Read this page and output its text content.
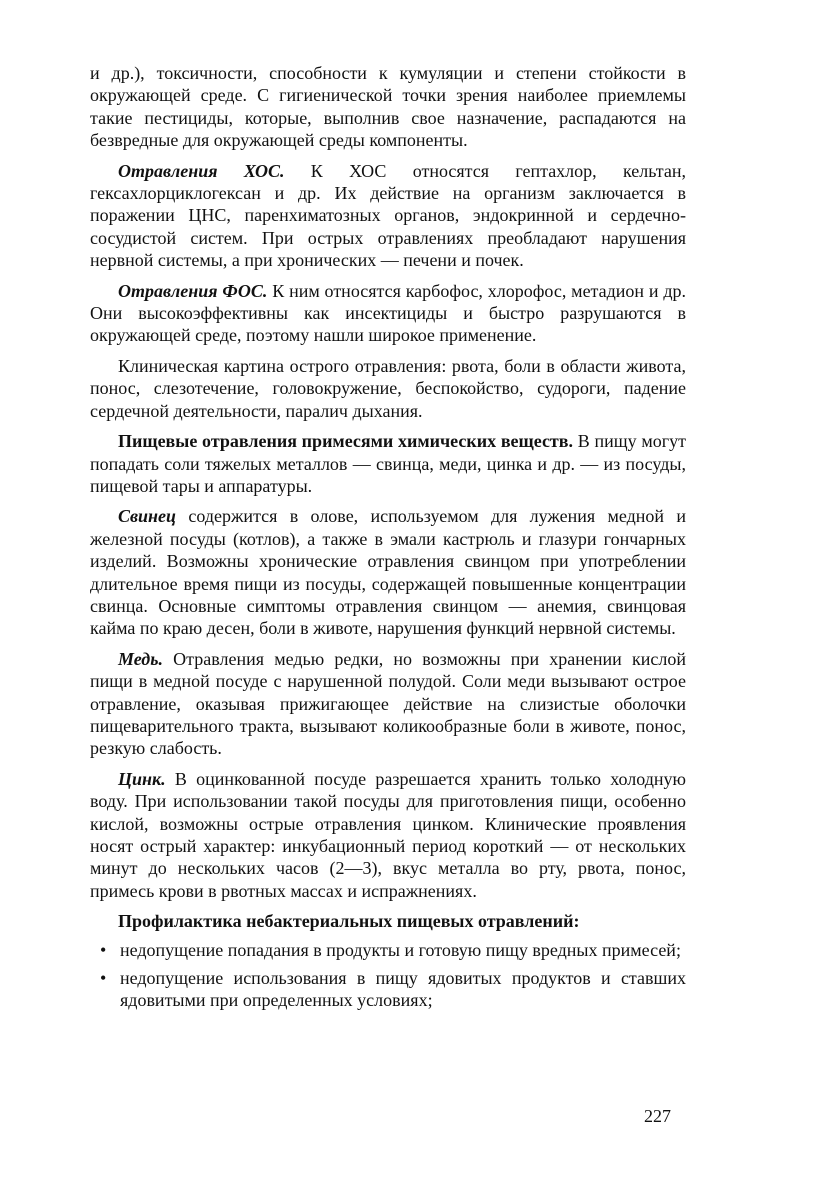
и др.), токсичности, способности к кумуляции и степени стойкости в окружающей среде. С гигиенической точки зрения наиболее приемлемы такие пестициды, которые, выполнив свое назначение, распадаются на безвредные для окружающей среды компоненты.

Отравления ХОС. К ХОС относятся гептахлор, кельтан, гексахлорциклогексан и др. Их действие на организм заключается в поражении ЦНС, паренхиматозных органов, эндокринной и сердечно-сосудистой систем. При острых отравлениях преобладают нарушения нервной системы, а при хронических — печени и почек.

Отравления ФОС. К ним относятся карбофос, хлорофос, метадион и др. Они высокоэффективны как инсектициды и быстро разрушаются в окружающей среде, поэтому нашли широкое применение.

Клиническая картина острого отравления: рвота, боли в области живота, понос, слезотечение, головокружение, беспокойство, судороги, падение сердечной деятельности, паралич дыхания.

Пищевые отравления примесями химических веществ. В пищу могут попадать соли тяжелых металлов — свинца, меди, цинка и др. — из посуды, пищевой тары и аппаратуры.

Свинец содержится в олове, используемом для лужения медной и железной посуды (котлов), а также в эмали кастрюль и глазури гончарных изделий. Возможны хронические отравления свинцом при употреблении длительное время пищи из посуды, содержащей повышенные концентрации свинца. Основные симптомы отравления свинцом — анемия, свинцовая кайма по краю десен, боли в животе, нарушения функций нервной системы.

Медь. Отравления медью редки, но возможны при хранении кислой пищи в медной посуде с нарушенной полудой. Соли меди вызывают острое отравление, оказывая прижигающее действие на слизистые оболочки пищеварительного тракта, вызывают коликообразные боли в животе, понос, резкую слабость.

Цинк. В оцинкованной посуде разрешается хранить только холодную воду. При использовании такой посуды для приготовления пищи, особенно кислой, возможны острые отравления цинком. Клинические проявления носят острый характер: инкубационный период короткий — от нескольких минут до нескольких часов (2—3), вкус металла во рту, рвота, понос, примесь крови в рвотных массах и испражнениях.

Профилактика небактериальных пищевых отравлений:

• недопущение попадания в продукты и готовую пищу вредных примесей;
• недопущение использования в пищу ядовитых продуктов и ставших ядовитыми при определенных условиях;
227
